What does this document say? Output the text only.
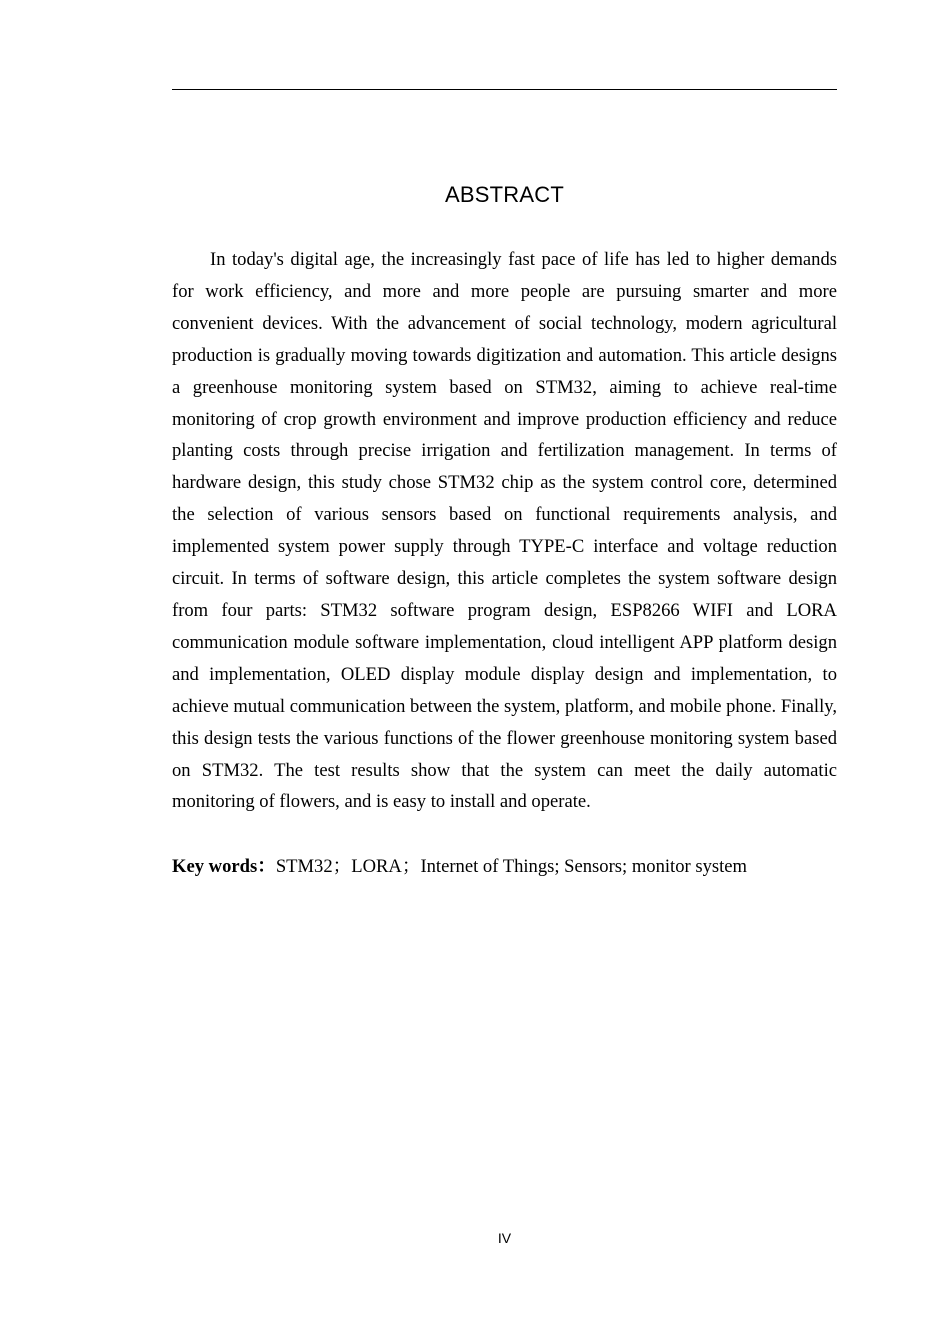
ABSTRACT

In today's digital age, the increasingly fast pace of life has led to higher demands for work efficiency, and more and more people are pursuing smarter and more convenient devices. With the advancement of social technology, modern agricultural production is gradually moving towards digitization and automation. This article designs a greenhouse monitoring system based on STM32, aiming to achieve real-time monitoring of crop growth environment and improve production efficiency and reduce planting costs through precise irrigation and fertilization management. In terms of hardware design, this study chose STM32 chip as the system control core, determined the selection of various sensors based on functional requirements analysis, and implemented system power supply through TYPE-C interface and voltage reduction circuit. In terms of software design, this article completes the system software design from four parts: STM32 software program design, ESP8266 WIFI and LORA communication module software implementation, cloud intelligent APP platform design and implementation, OLED display module display design and implementation, to achieve mutual communication between the system, platform, and mobile phone. Finally, this design tests the various functions of the flower greenhouse monitoring system based on STM32. The test results show that the system can meet the daily automatic monitoring of flowers, and is easy to install and operate.

Key words：STM32；LORA；Internet of Things; Sensors; monitor system
IV
